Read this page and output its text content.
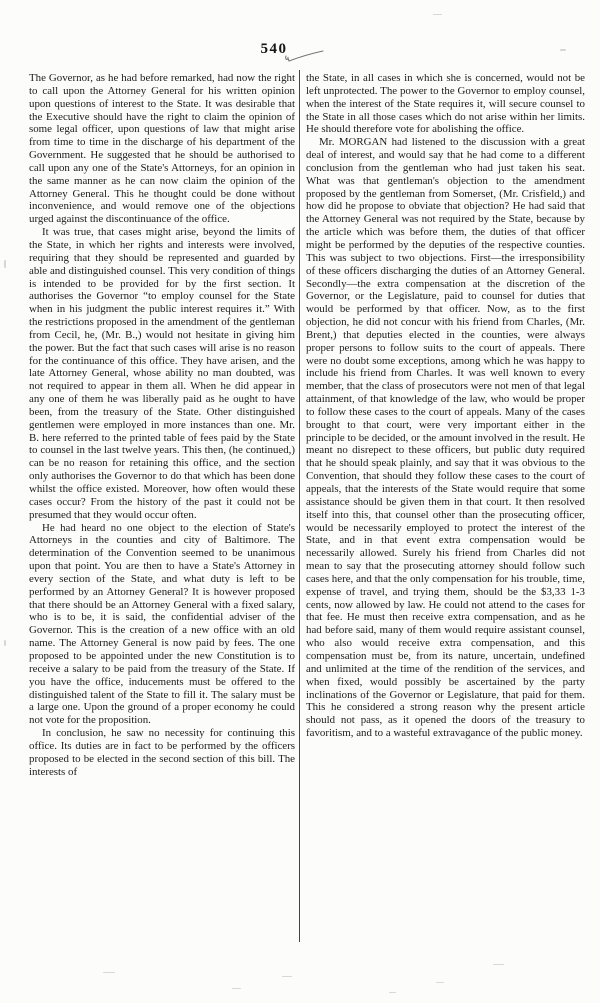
540

The Governor, as he had before remarked, had now the right to call upon the Attorney General for his written opinion upon questions of interest to the State. It was desirable that the Executive should have the right to claim the opinion of some legal officer, upon questions of law that might arise from time to time in the discharge of his department of the Government. He suggested that he should be authorised to call upon any one of the State's Attorneys, for an opinion in the same manner as he can now claim the opinion of the Attorney General. This he thought could be done without inconvenience, and would remove one of the objections urged against the discontinuance of the office.

It was true, that cases might arise, beyond the limits of the State, in which her rights and interests were involved, requiring that they should be represented and guarded by able and distinguished counsel. This very condition of things is intended to be provided for by the first section. It authorises the Governor “to employ counsel for the State when in his judgment the public interest requires it.” With the restrictions proposed in the amendment of the gentleman from Cecil, he, (Mr. B.,) would not hesitate in giving him the power. But the fact that such cases will arise is no reason for the continuance of this office. They have arisen, and the late Attorney General, whose ability no man doubted, was not required to appear in them all. When he did appear in any one of them he was liberally paid as he ought to have been, from the treasury of the State. Other distinguished gentlemen were employed in more instances than one. Mr. B. here referred to the printed table of fees paid by the State to counsel in the last twelve years. This then, (he continued,) can be no reason for retaining this office, and the section only authorises the Governor to do that which has been done whilst the office existed. Moreover, how often would these cases occur? From the history of the past it could not be presumed that they would occur often.

He had heard no one object to the election of State's Attorneys in the counties and city of Baltimore. The determination of the Convention seemed to be unanimous upon that point. You are then to have a State's Attorney in every section of the State, and what duty is left to be performed by an Attorney General? It is however proposed that there should be an Attorney General with a fixed salary, who is to be, it is said, the confidential adviser of the Governor. This is the creation of a new office with an old name. The Attorney General is now paid by fees. The one proposed to be appointed under the new Constitution is to receive a salary to be paid from the treasury of the State. If you have the office, inducements must be offered to the distinguished talent of the State to fill it. The salary must be a large one. Upon the ground of a proper economy he could not vote for the proposition.

In conclusion, he saw no necessity for continuing this office. Its duties are in fact to be performed by the officers proposed to be elected in the second section of this bill. The interests of

the State, in all cases in which she is concerned, would not be left unprotected. The power to the Governor to employ counsel, when the interest of the State requires it, will secure counsel to the State in all those cases which do not arise within her limits. He should therefore vote for abolishing the office.

Mr. MORGAN had listened to the discussion with a great deal of interest, and would say that he had come to a different conclusion from the gentleman who had just taken his seat. What was that gentleman's objection to the amendment proposed by the gentleman from Somerset, (Mr. Crisfield,) and how did he propose to obviate that objection? He had said that the Attorney General was not required by the State, because by the article which was before them, the duties of that officer might be performed by the deputies of the respective counties. This was subject to two objections. First—the irresponsibility of these officers discharging the duties of an Attorney General. Secondly—the extra compensation at the discretion of the Governor, or the Legislature, paid to counsel for duties that would be performed by that officer. Now, as to the first objection, he did not concur with his friend from Charles, (Mr. Brent,) that deputies elected in the counties, were always proper persons to follow suits to the court of appeals. There were no doubt some exceptions, among which he was happy to include his friend from Charles. It was well known to every member, that the class of prosecutors were not men of that legal attainment, of that knowledge of the law, who would be proper to follow these cases to the court of appeals. Many of the cases brought to that court, were very important either in the principle to be decided, or the amount involved in the result. He meant no disrepect to these officers, but public duty required that he should speak plainly, and say that it was obvious to the Convention, that should they follow these cases to the court of appeals, that the interests of the State would require that some assistance should be given them in that court. It then resolved itself into this, that counsel other than the prosecuting officer, would be necessarily employed to protect the interest of the State, and in that event extra compensation would be necessarily allowed. Surely his friend from Charles did not mean to say that the prosecuting attorney should follow such cases here, and that the only compensation for his trouble, time, expense of travel, and trying them, should be the $3,33 1-3 cents, now allowed by law. He could not attend to the cases for that fee. He must then receive extra compensation, and as he had before said, many of them would require assistant counsel, who also would receive extra compensation, and this compensation must be, from its nature, uncertain, undefined and unlimited at the time of the rendition of the services, and when fixed, would possibly be ascertained by the party inclinations of the Governor or Legislature, that paid for them. This he considered a strong reason why the present article should not pass, as it opened the doors of the treasury to favoritism, and to a wasteful extravagance of the public money.
